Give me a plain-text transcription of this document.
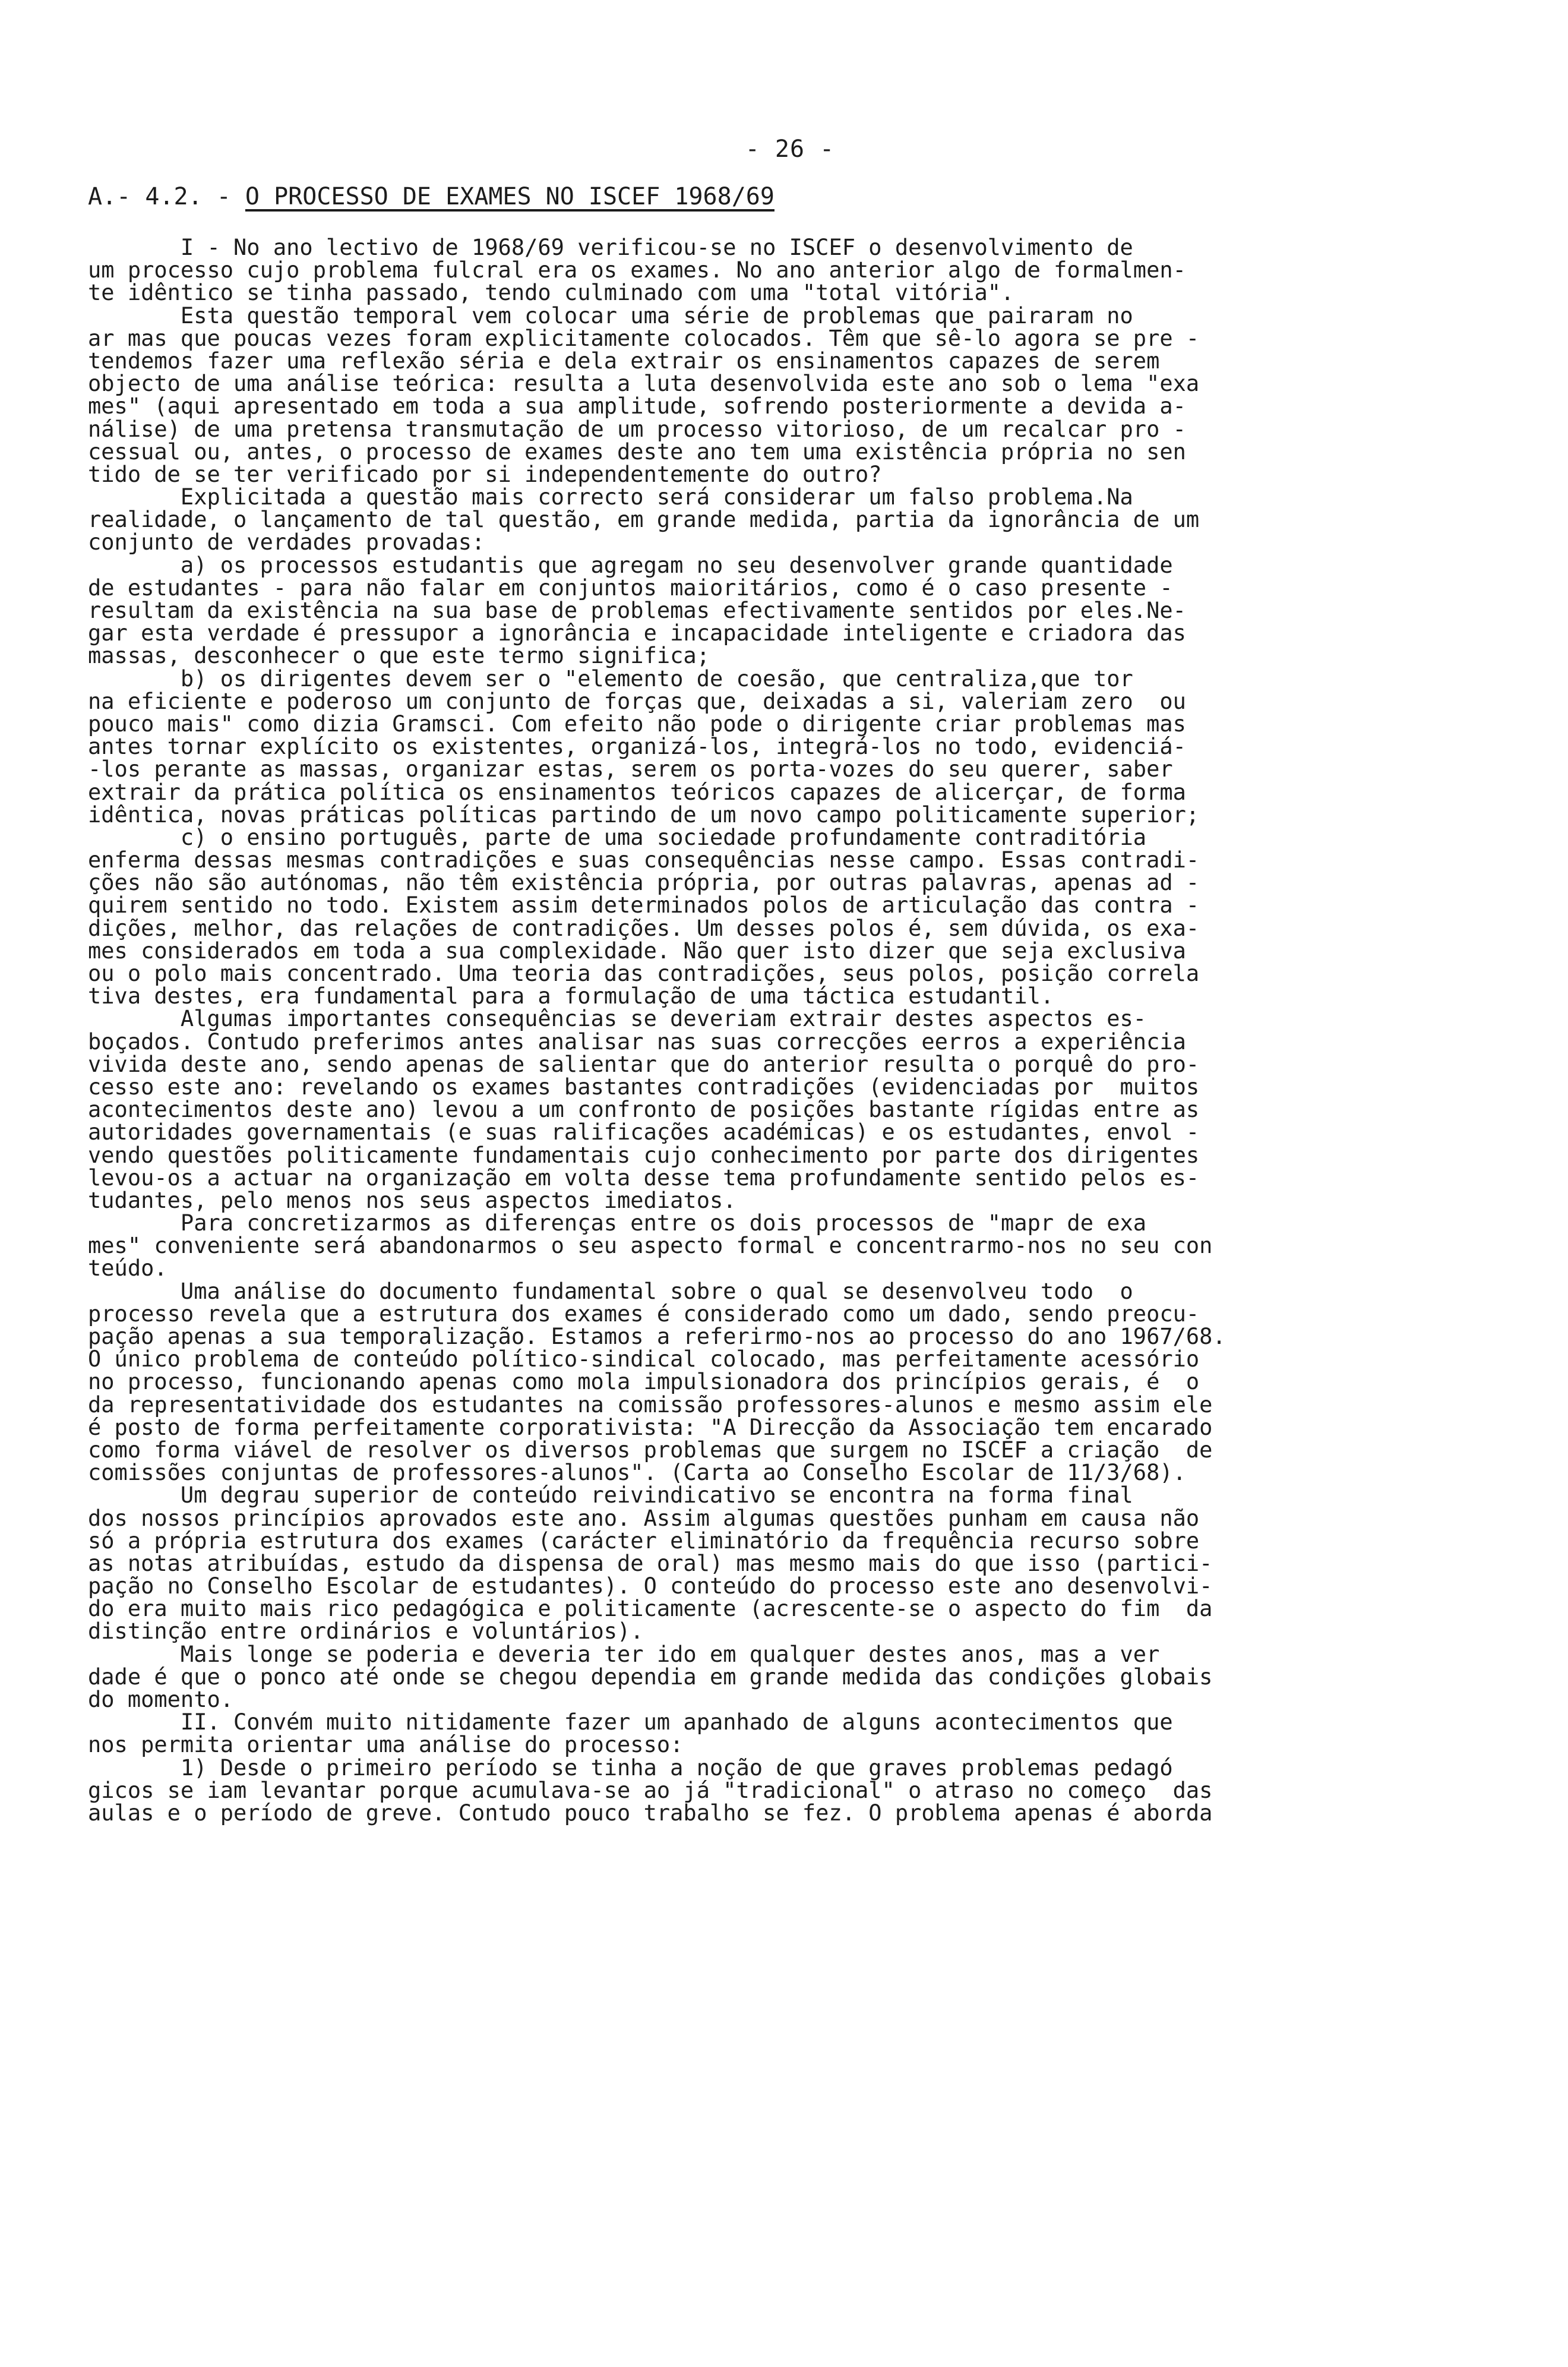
- 26 -
A.- 4.2. - O PROCESSO DE EXAMES NO ISCEF 1968/69
I - No ano lectivo de 1968/69 verificou-se no ISCEF o desenvolvimento de
um processo cujo problema fulcral era os exames. No ano anterior algo de formalmen-
te idêntico se tinha passado, tendo culminado com uma "total vitória".
Esta questão temporal vem colocar uma série de problemas que pairaram no
ar mas que poucas vezes foram explicitamente colocados. Têm que sê-lo agora se pre -
tendemos fazer uma reflexão séria e dela extrair os ensinamentos capazes de serem
objecto de uma análise teórica: resulta a luta desenvolvida este ano sob o lema "exa
mes" (aqui apresentado em toda a sua amplitude, sofrendo posteriormente a devida a-
nálise) de uma pretensa transmutação de um processo vitorioso, de um recalcar pro -
cessual ou, antes, o processo de exames deste ano tem uma existência própria no sen
tido de se ter verificado por si independentemente do outro?
Explicitada a questão mais correcto será considerar um falso problema.Na
realidade, o lançamento de tal questão, em grande medida, partia da ignorância de um
conjunto de verdades provadas:
a) os processos estudantis que agregam no seu desenvolver grande quantidade
de estudantes - para não falar em conjuntos maioritários, como é o caso presente -
resultam da existência na sua base de problemas efectivamente sentidos por eles.Ne-
gar esta verdade é pressupor a ignorância e incapacidade inteligente e criadora das
massas, desconhecer o que este termo significa;
b) os dirigentes devem ser o "elemento de coesão, que centraliza,que tor
na eficiente e poderoso um conjunto de forças que, deixadas a si, valeriam zero  ou
pouco mais" como dizia Gramsci. Com efeito não pode o dirigente criar problemas mas
antes tornar explícito os existentes, organizá-los, integrá-los no todo, evidenciá-
-los perante as massas, organizar estas, serem os porta-vozes do seu querer, saber
extrair da prática política os ensinamentos teóricos capazes de alicerçar, de forma
idêntica, novas práticas políticas partindo de um novo campo politicamente superior;
c) o ensino português, parte de uma sociedade profundamente contraditória
enferma dessas mesmas contradições e suas consequências nesse campo. Essas contradi-
ções não são autónomas, não têm existência própria, por outras palavras, apenas ad -
quirem sentido no todo. Existem assim determinados polos de articulação das contra -
dições, melhor, das relações de contradições. Um desses polos é, sem dúvida, os exa-
mes considerados em toda a sua complexidade. Não quer isto dizer que seja exclusiva
ou o polo mais concentrado. Uma teoria das contradições, seus polos, posição correla
tiva destes, era fundamental para a formulação de uma táctica estudantil.
Algumas importantes consequências se deveriam extrair destes aspectos es-
boçados. Contudo preferimos antes analisar nas suas correcções eerros a experiência
vivida deste ano, sendo apenas de salientar que do anterior resulta o porquê do pro-
cesso este ano: revelando os exames bastantes contradições (evidenciadas por  muitos
acontecimentos deste ano) levou a um confronto de posições bastante rígidas entre as
autoridades governamentais (e suas ralificações académicas) e os estudantes, envol -
vendo questões politicamente fundamentais cujo conhecimento por parte dos dirigentes
levou-os a actuar na organização em volta desse tema profundamente sentido pelos es-
tudantes, pelo menos nos seus aspectos imediatos.
Para concretizarmos as diferenças entre os dois processos de "mapr de exa
mes" conveniente será abandonarmos o seu aspecto formal e concentrarmo-nos no seu con
teúdo.
Uma análise do documento fundamental sobre o qual se desenvolveu todo  o
processo revela que a estrutura dos exames é considerado como um dado, sendo preocu-
pação apenas a sua temporalização. Estamos a referirmo-nos ao processo do ano 1967/68.
O único problema de conteúdo político-sindical colocado, mas perfeitamente acessório
no processo, funcionando apenas como mola impulsionadora dos princípios gerais, é  o
da representatividade dos estudantes na comissão professores-alunos e mesmo assim ele
é posto de forma perfeitamente corporativista: "A Direcção da Associação tem encarado
como forma viável de resolver os diversos problemas que surgem no ISCEF a criação  de
comissões conjuntas de professores-alunos". (Carta ao Conselho Escolar de 11/3/68).
Um degrau superior de conteúdo reivindicativo se encontra na forma final
dos nossos princípios aprovados este ano. Assim algumas questões punham em causa não
só a própria estrutura dos exames (carácter eliminatório da frequência recurso sobre
as notas atribuídas, estudo da dispensa de oral) mas mesmo mais do que isso (partici-
pação no Conselho Escolar de estudantes). O conteúdo do processo este ano desenvolvi-
do era muito mais rico pedagógica e politicamente (acrescente-se o aspecto do fim  da
distinção entre ordinários e voluntários).
Mais longe se poderia e deveria ter ido em qualquer destes anos, mas a ver
dade é que o ponco até onde se chegou dependia em grande medida das condições globais
do momento.
II. Convém muito nitidamente fazer um apanhado de alguns acontecimentos que
nos permita orientar uma análise do processo:
1) Desde o primeiro período se tinha a noção de que graves problemas pedagó
gicos se iam levantar porque acumulava-se ao já "tradicional" o atraso no começo  das
aulas e o período de greve. Contudo pouco trabalho se fez. O problema apenas é aborda
